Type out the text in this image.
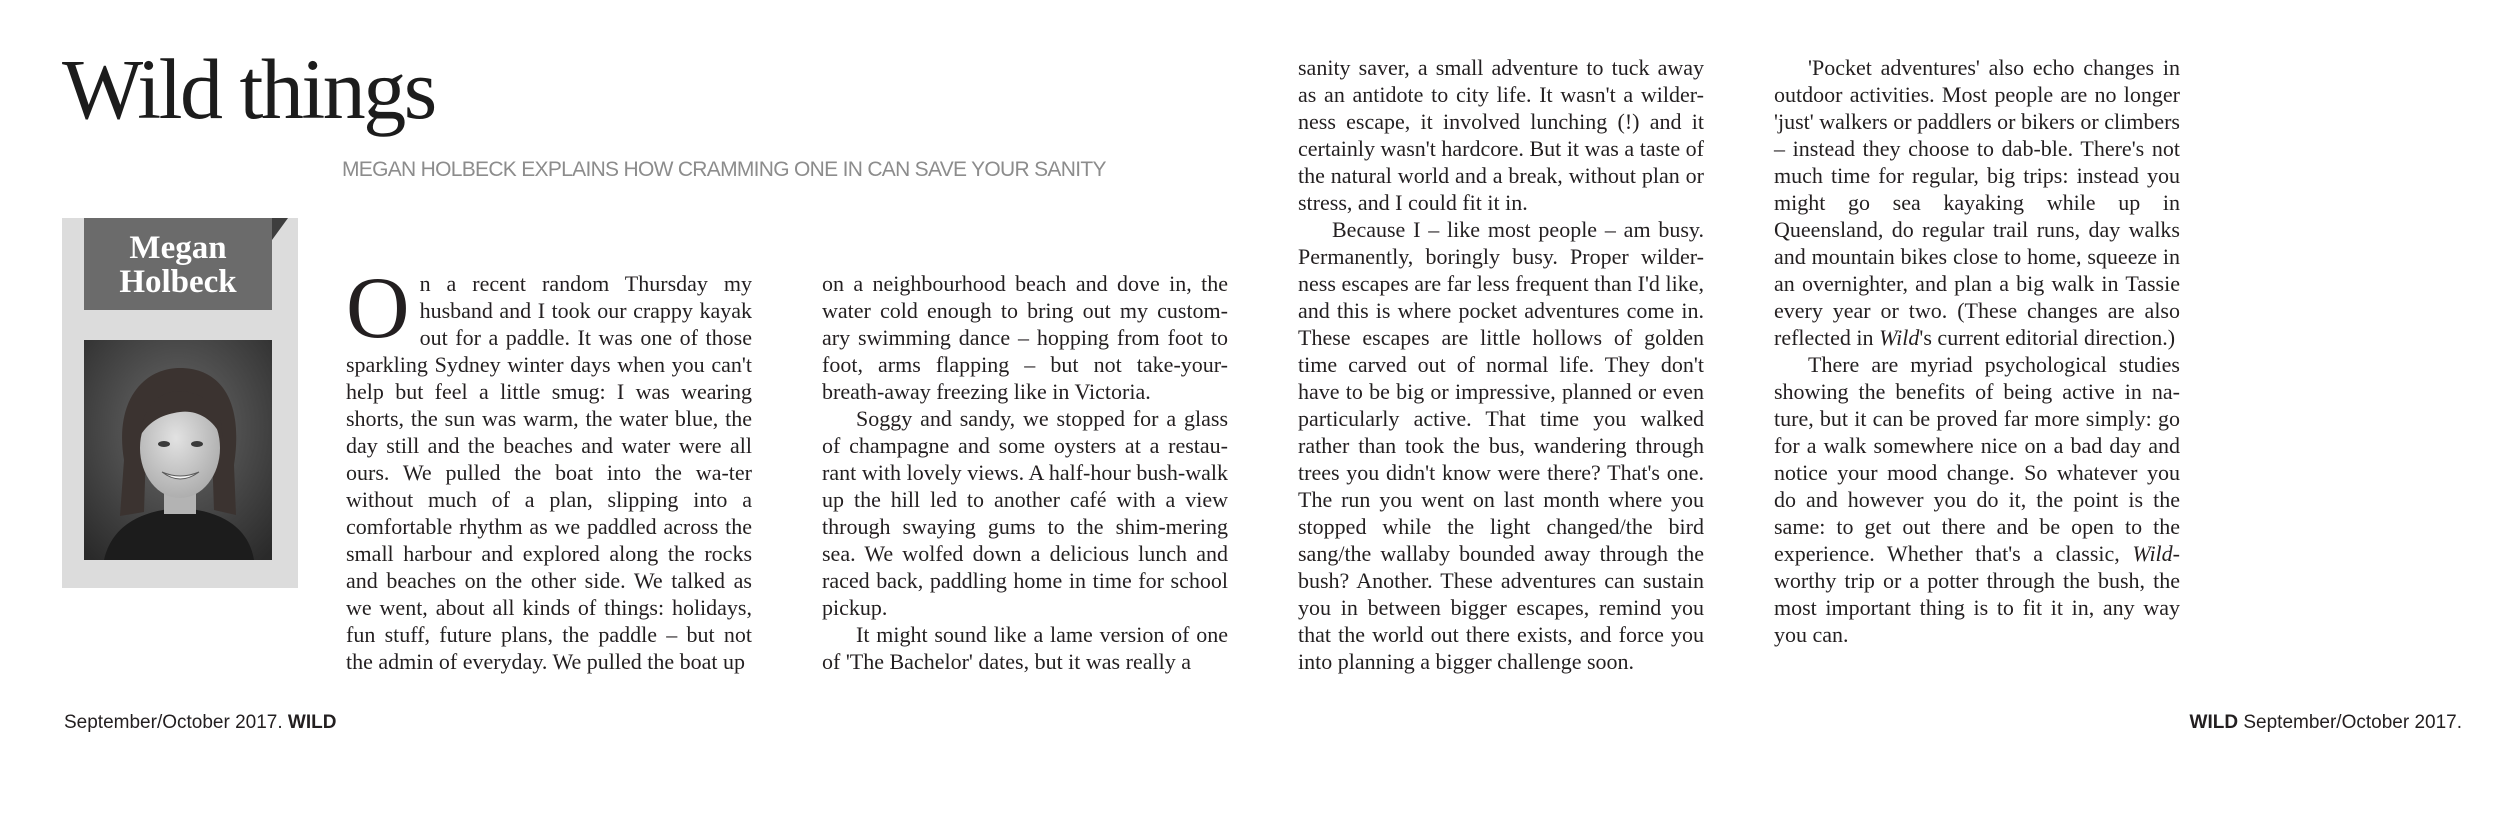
Wild things
MEGAN HOLBECK EXPLAINS HOW CRAMMING ONE IN CAN SAVE YOUR SANITY
Megan
Holbeck	On a recent random Thursday my husband and I took our crappy kayak out for a paddle. It was one of those sparkling Sydney winter days when you can't help but feel a little smug: I was wearing shorts, the sun was warm, the water blue, the day still and the beaches and water were all ours. We pulled the boat into the wa-ter without much of a plan, slipping into a comfortable rhythm as we paddled across the small harbour and explored along the rocks and beaches on the other side. We talked as we went, about all kinds of things: holidays, fun stuff, future plans, the paddle – but not the admin of everyday. We pulled the boat up

on a neighbourhood beach and dove in, the water cold enough to bring out my custom-ary swimming dance – hopping from foot to foot, arms flapping – but not take-your-breath-away freezing like in Victoria.

Soggy and sandy, we stopped for a glass of champagne and some oysters at a restau-rant with lovely views. A half-hour bush-walk up the hill led to another café with a view through swaying gums to the shim-mering sea. We wolfed down a delicious lunch and raced back, paddling home in time for school pickup.

It might sound like a lame version of one of 'The Bachelor' dates, but it was really a

sanity saver, a small adventure to tuck away as an antidote to city life. It wasn't a wilder-ness escape, it involved lunching (!) and it certainly wasn't hardcore. But it was a taste of the natural world and a break, without plan or stress, and I could fit it in.

Because I – like most people – am busy. Permanently, boringly busy. Proper wilder-ness escapes are far less frequent than I'd like, and this is where pocket adventures come in. These escapes are little hollows of golden time carved out of normal life. They don't have to be big or impressive, planned or even particularly active. That time you walked rather than took the bus, wandering through trees you didn't know were there? That's one. The run you went on last month where you stopped while the light changed/the bird sang/the wallaby bounded away through the bush? Another. These adventures can sustain you in between bigger escapes, remind you that the world out there exists, and force you into planning a bigger challenge soon.

'Pocket adventures' also echo changes in outdoor activities. Most people are no longer 'just' walkers or paddlers or bikers or climbers – instead they choose to dab-ble. There's not much time for regular, big trips: instead you might go sea kayaking while up in Queensland, do regular trail runs, day walks and mountain bikes close to home, squeeze in an overnighter, and plan a big walk in Tassie every year or two. (These changes are also reflected in Wild's current editorial direction.)

There are myriad psychological studies showing the benefits of being active in na-ture, but it can be proved far more simply: go for a walk somewhere nice on a bad day and notice your mood change. So whatever you do and however you do it, the point is the same: to get out there and be open to the experience. Whether that's a classic, Wild-worthy trip or a potter through the bush, the most important thing is to fit it in, any way you can.

September/October 2017. WILD	WILD September/October 2017.
